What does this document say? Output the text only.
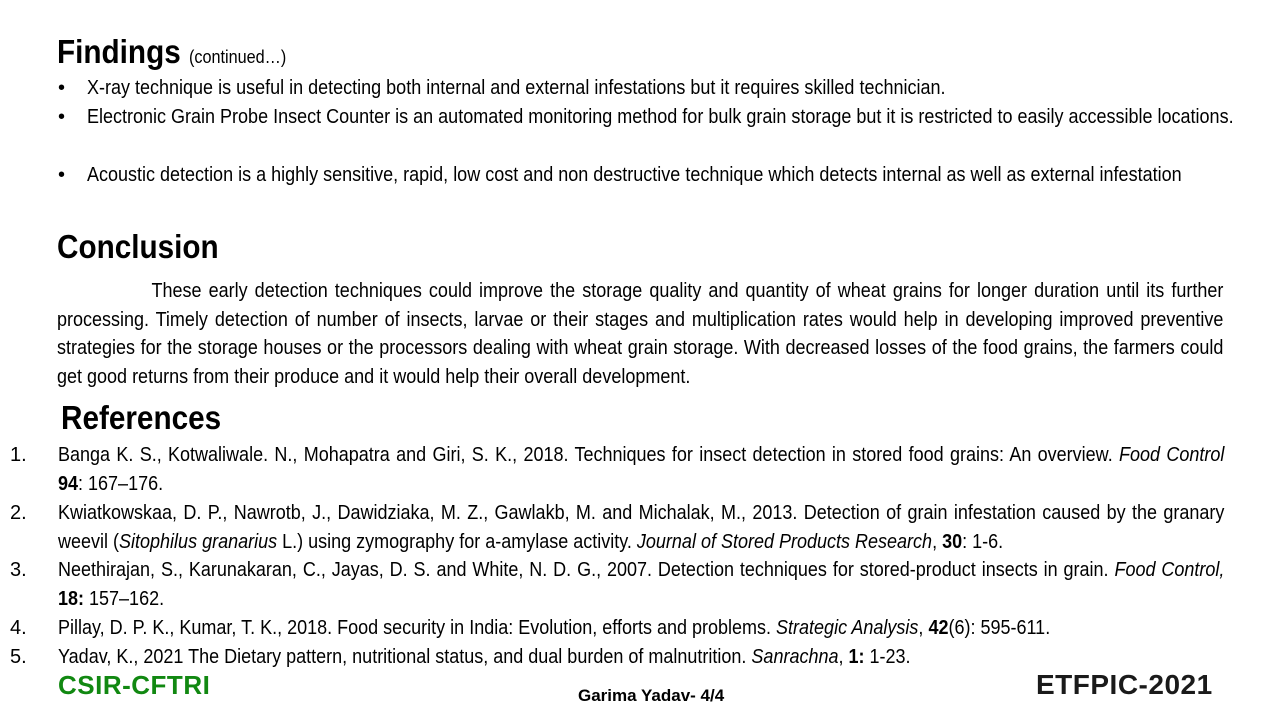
Findings (continued…)
• X-ray technique is useful in detecting both internal and external infestations but it requires skilled technician.
• Electronic Grain Probe Insect Counter is an automated monitoring method for bulk grain storage but it is restricted to easily accessible locations.
• Acoustic detection is a highly sensitive, rapid, low cost and non destructive technique which detects internal as well as external infestation
Conclusion
These early detection techniques could improve the storage quality and quantity of wheat grains for longer duration until its further processing. Timely detection of number of insects, larvae or their stages and multiplication rates would help in developing improved preventive strategies for the storage houses or the processors dealing with wheat grain storage. With decreased losses of the food grains, the farmers could get good returns from their produce and it would help their overall development.
References
1. Banga K. S., Kotwaliwale. N., Mohapatra and Giri, S. K., 2018. Techniques for insect detection in stored food grains: An overview. Food Control 94: 167–176.
2. Kwiatkowskaa, D. P., Nawrotb, J., Dawidziaka, M. Z., Gawlakb, M. and Michalak, M., 2013. Detection of grain infestation caused by the granary weevil (Sitophilus granarius L.) using zymography for a-amylase activity. Journal of Stored Products Research, 30: 1-6.
3. Neethirajan, S., Karunakaran, C., Jayas, D. S. and White, N. D. G., 2007. Detection techniques for stored-product insects in grain. Food Control, 18: 157–162.
4. Pillay, D. P. K., Kumar, T. K., 2018. Food security in India: Evolution, efforts and problems. Strategic Analysis, 42(6): 595-611.
5. Yadav, K., 2021 The Dietary pattern, nutritional status, and dual burden of malnutrition. Sanrachna, 1: 1-23.
CSIR-CFTRI	Garima Yadav- 4/4	ETFPIC-2021
